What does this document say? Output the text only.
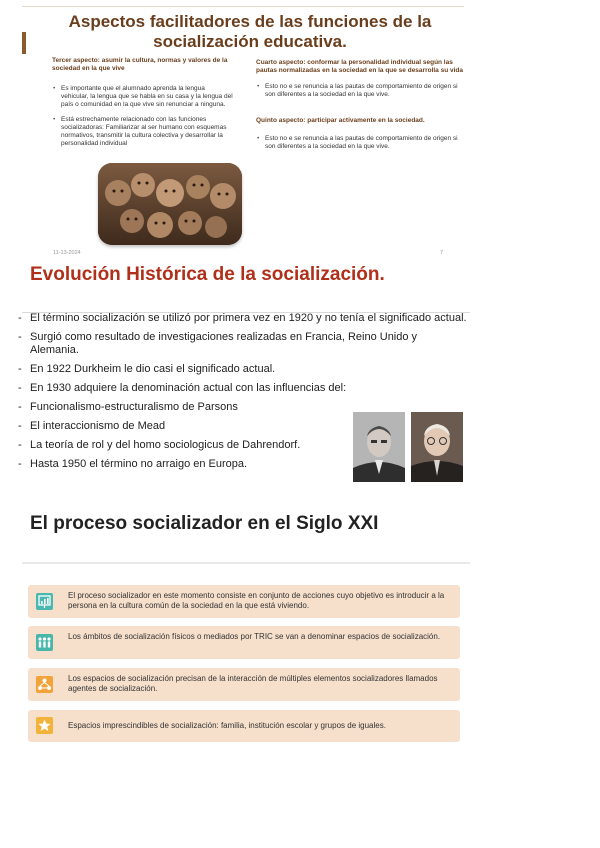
Aspectos facilitadores de las funciones de la socialización educativa.
Tercer aspecto: asumir la cultura, normas y valores de la sociedad en la que vive
• Es importante que el alumnado aprenda la lengua vehicular, la lengua que se habla en su casa y la lengua del país o comunidad en la que vive sin renunciar a ninguna.
• Está estrechamente relacionado con las funciones socializadoras: Familiarizar al ser humano con esquemas normativos, transmitir la cultura colectiva y desarrollar la personalidad individual
Cuarto aspecto: conformar la personalidad individual según las pautas normalizadas en la sociedad en la que se desarrolla su vida
• Esto no e se renuncia a las pautas de comportamiento de origen si son diferentes a la sociedad en la que vive.
Quinto aspecto: participar activamente en la sociedad.
• Esto no e se renuncia a las pautas de comportamiento de origen si son diferentes a la sociedad en la que vive.
11-13-2024	7
Evolución Histórica de la socialización.
- El término socialización se utilizó por primera vez en 1920 y no tenía el significado actual.
- Surgió como resultado de investigaciones realizadas en Francia, Reino Unido y Alemania.
- En 1922 Durkheim le dio casi el significado actual.
- En 1930 adquiere la denominación actual con las influencias del:
- Funcionalismo-estructuralismo de Parsons
- El interaccionismo de Mead
- La teoría de rol y del homo sociologicus de Dahrendorf.
- Hasta 1950 el término no arraigo en Europa.
El proceso socializador en el Siglo XXI
El proceso socializador en este momento consiste en conjunto de acciones cuyo objetivo es introducir a la persona en la cultura común de la sociedad en la que está viviendo.
Los ámbitos de socialización físicos o mediados por TRIC se van a denominar espacios de socialización.
Los espacios de socialización precisan de la interacción de múltiples elementos socializadores llamados agentes de socialización.
Espacios imprescindibles de socialización: familia, institución escolar y grupos de iguales.
